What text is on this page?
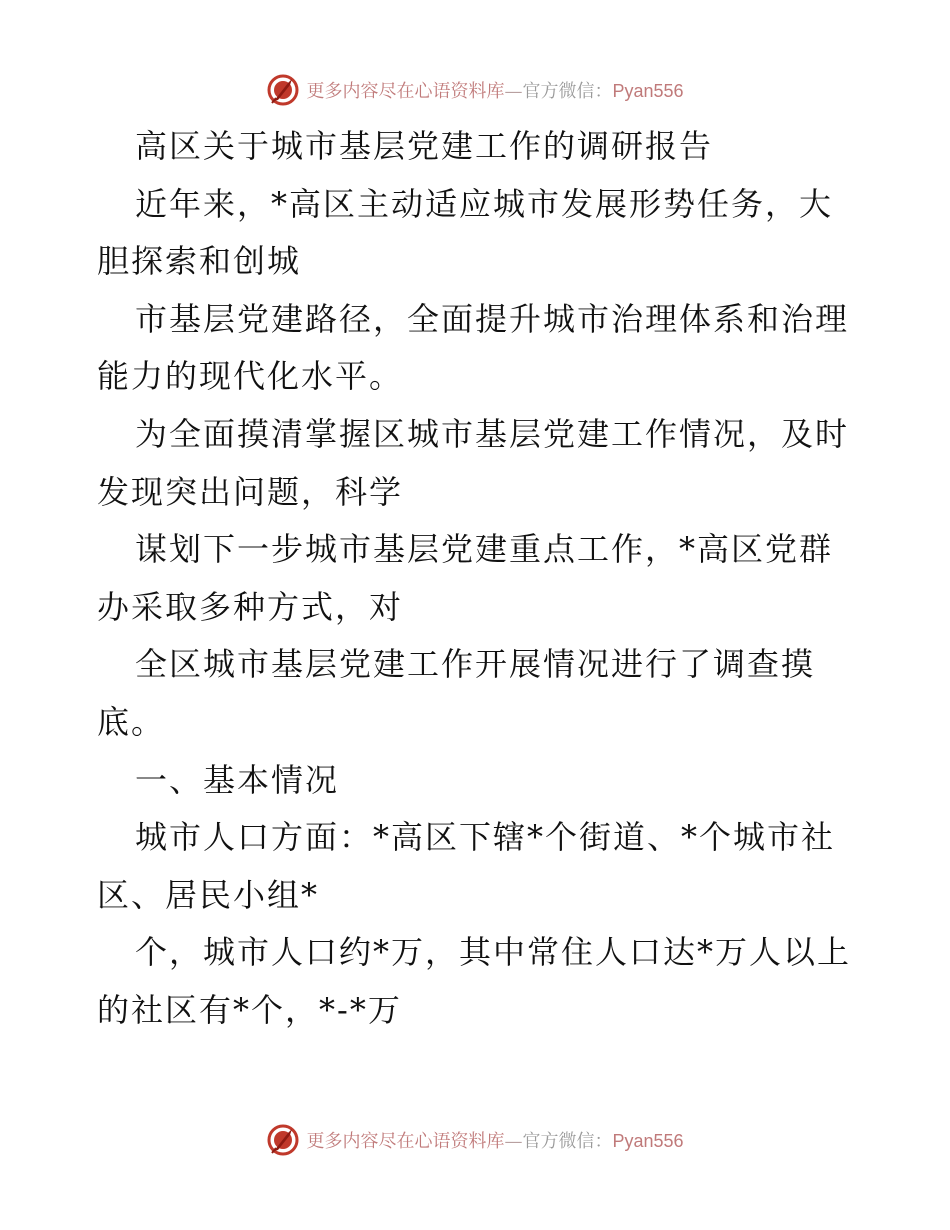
更多内容尽在心语资料库—官方微信：Pyan556
高区关于城市基层党建工作的调研报告
近年来，*高区主动适应城市发展形势任务，大
胆探索和创城
市基层党建路径，全面提升城市治理体系和治理
能力的现代化水平。
为全面摸清掌握区城市基层党建工作情况，及时
发现突出问题，科学
谋划下一步城市基层党建重点工作，*高区党群
办采取多种方式，对
全区城市基层党建工作开展情况进行了调查摸
底。
一、基本情况
城市人口方面：*高区下辖*个街道、*个城市社
区、居民小组*
个，城市人口约*万，其中常住人口达*万人以上
的社区有*个，*-*万
更多内容尽在心语资料库—官方微信：Pyan556
